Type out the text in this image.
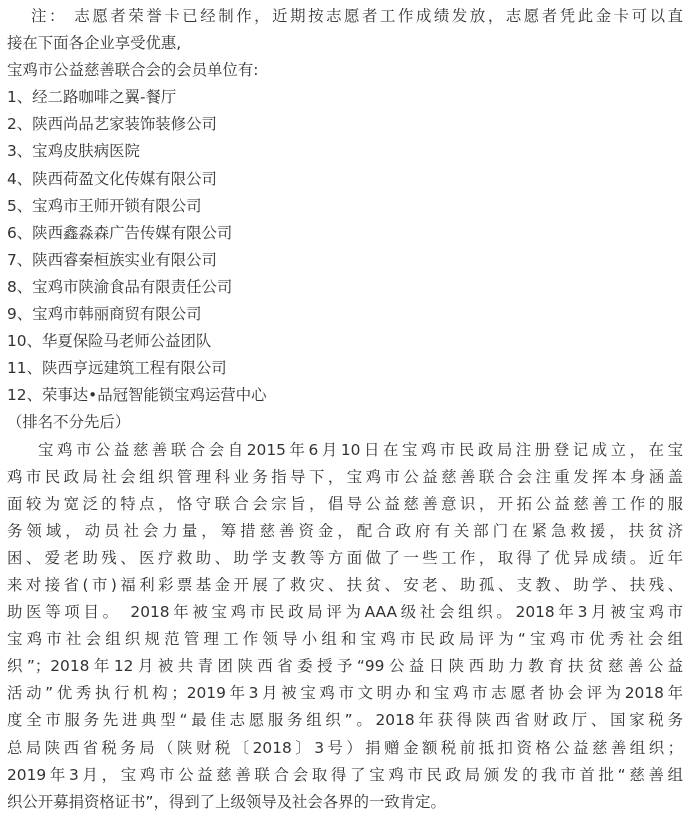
注： 志愿者荣誉卡已经制作，近期按志愿者工作成绩发放，志愿者凭此金卡可以直
接在下面各企业享受优惠,
宝鸡市公益慈善联合会的会员单位有:
1、经二路咖啡之翼-餐厅
2、陕西尚品艺家装饰装修公司
3、宝鸡皮肤病医院
4、陕西荷盈文化传媒有限公司
5、宝鸡市王师开锁有限公司
6、陕西鑫淼森广告传媒有限公司
7、陕西睿秦桓族实业有限公司
8、宝鸡市陕渝食品有限责任公司
9、宝鸡市韩丽商贸有限公司
10、华夏保险马老师公益团队
11、陕西亨远建筑工程有限公司
12、荣事达•品冠智能锁宝鸡运营中心
（排名不分先后）
宝鸡市公益慈善联合会自2015年6月10日在宝鸡市民政局注册登记成立，在宝
鸡市民政局社会组织管理科业务指导下，宝鸡市公益慈善联合会注重发挥本身涵盖
面较为宽泛的特点，恪守联合会宗旨，倡导公益慈善意识，开拓公益慈善工作的服
务领域，动员社会力量，筹措慈善资金，配合政府有关部门在紧急救援，扶贫济
困、爱老助残、医疗救助、助学支教等方面做了一些工作，取得了优异成绩。近年
来对接省(市)福利彩票基金开展了救灾、扶贫、安老、助孤、支教、助学、扶残、
助医等项目。 2018年被宝鸡市民政局评为AAA级社会组织。2018年3月被宝鸡市
宝鸡市社会组织规范管理工作领导小组和宝鸡市民政局评为“宝鸡市优秀社会组
织”；2018年12月被共青团陕西省委授予“99公益日陕西助力教育扶贫慈善公益
活动”优秀执行机构；2019年3月被宝鸡市文明办和宝鸡市志愿者协会评为2018年
度全市服务先进典型“最佳志愿服务组织”。2018年获得陕西省财政厅、国家税务
总局陕西省税务局（陕财税〔2018〕3号）捐赠金额税前抵扣资格公益慈善组织；
2019年3月，宝鸡市公益慈善联合会取得了宝鸡市民政局颁发的我市首批“慈善组
织公开募捐资格证书”，得到了上级领导及社会各界的一致肯定。
